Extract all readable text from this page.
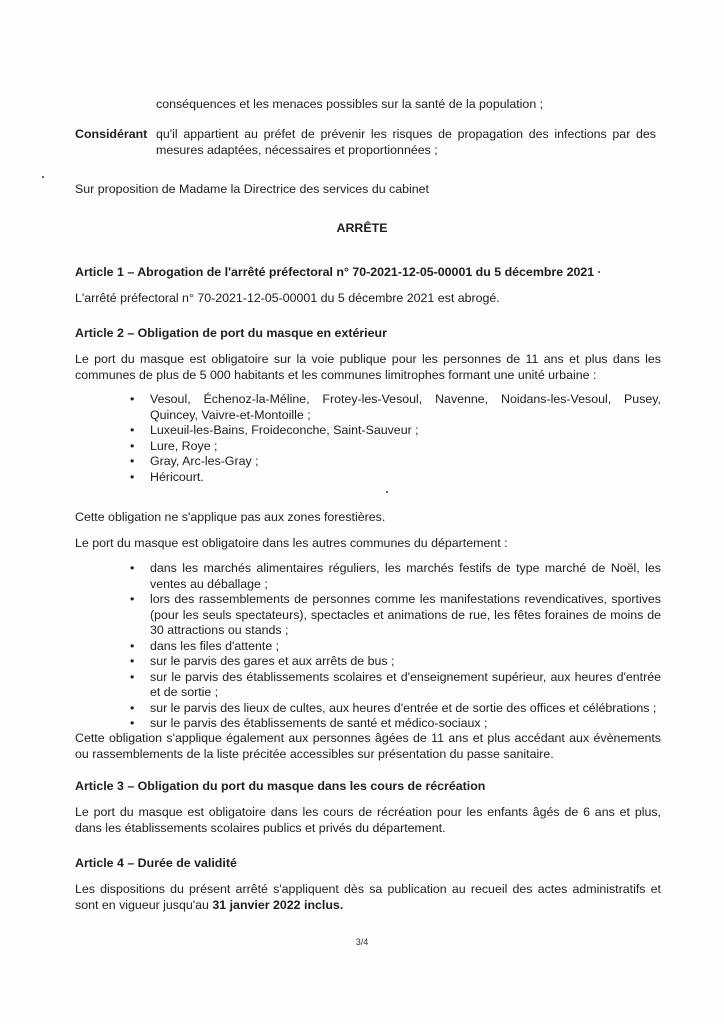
conséquences et les menaces possibles sur la santé de la population ;
Considérant qu'il appartient au préfet de prévenir les risques de propagation des infections par des mesures adaptées, nécessaires et proportionnées ;
Sur proposition de Madame la Directrice des services du cabinet
ARRÊTE
Article 1 – Abrogation de l'arrêté préfectoral n° 70-2021-12-05-00001 du 5 décembre 2021
L'arrêté préfectoral n° 70-2021-12-05-00001 du 5 décembre 2021 est abrogé.
Article 2 – Obligation de port du masque en extérieur
Le port du masque est obligatoire sur la voie publique pour les personnes de 11 ans et plus dans les communes de plus de 5 000 habitants et les communes limitrophes formant une unité urbaine :
• Vesoul, Échenoz-la-Méline, Frotey-les-Vesoul, Navenne, Noidans-les-Vesoul, Pusey, Quincey, Vaivre-et-Montoille ;
• Luxeuil-les-Bains, Froideconche, Saint-Sauveur ;
• Lure, Roye ;
• Gray, Arc-les-Gray ;
• Héricourt.
Cette obligation ne s'applique pas aux zones forestières.
Le port du masque est obligatoire dans les autres communes du département :
• dans les marchés alimentaires réguliers, les marchés festifs de type marché de Noël, les ventes au déballage ;
• lors des rassemblements de personnes comme les manifestations revendicatives, sportives (pour les seuls spectateurs), spectacles et animations de rue, les fêtes foraines de moins de 30 attractions ou stands ;
• dans les files d'attente ;
• sur le parvis des gares et aux arrêts de bus ;
• sur le parvis des établissements scolaires et d'enseignement supérieur, aux heures d'entrée et de sortie ;
• sur le parvis des lieux de cultes, aux heures d'entrée et de sortie des offices et célébrations ;
• sur le parvis des établissements de santé et médico-sociaux ;
Cette obligation s'applique également aux personnes âgées de 11 ans et plus accédant aux évènements ou rassemblements de la liste précitée accessibles sur présentation du passe sanitaire.
Article 3 – Obligation du port du masque dans les cours de récréation
Le port du masque est obligatoire dans les cours de récréation pour les enfants âgés de 6 ans et plus, dans les établissements scolaires publics et privés du département.
Article 4 – Durée de validité
Les dispositions du présent arrêté s'appliquent dès sa publication au recueil des actes administratifs et sont en vigueur jusqu'au 31 janvier 2022 inclus.
3/4
